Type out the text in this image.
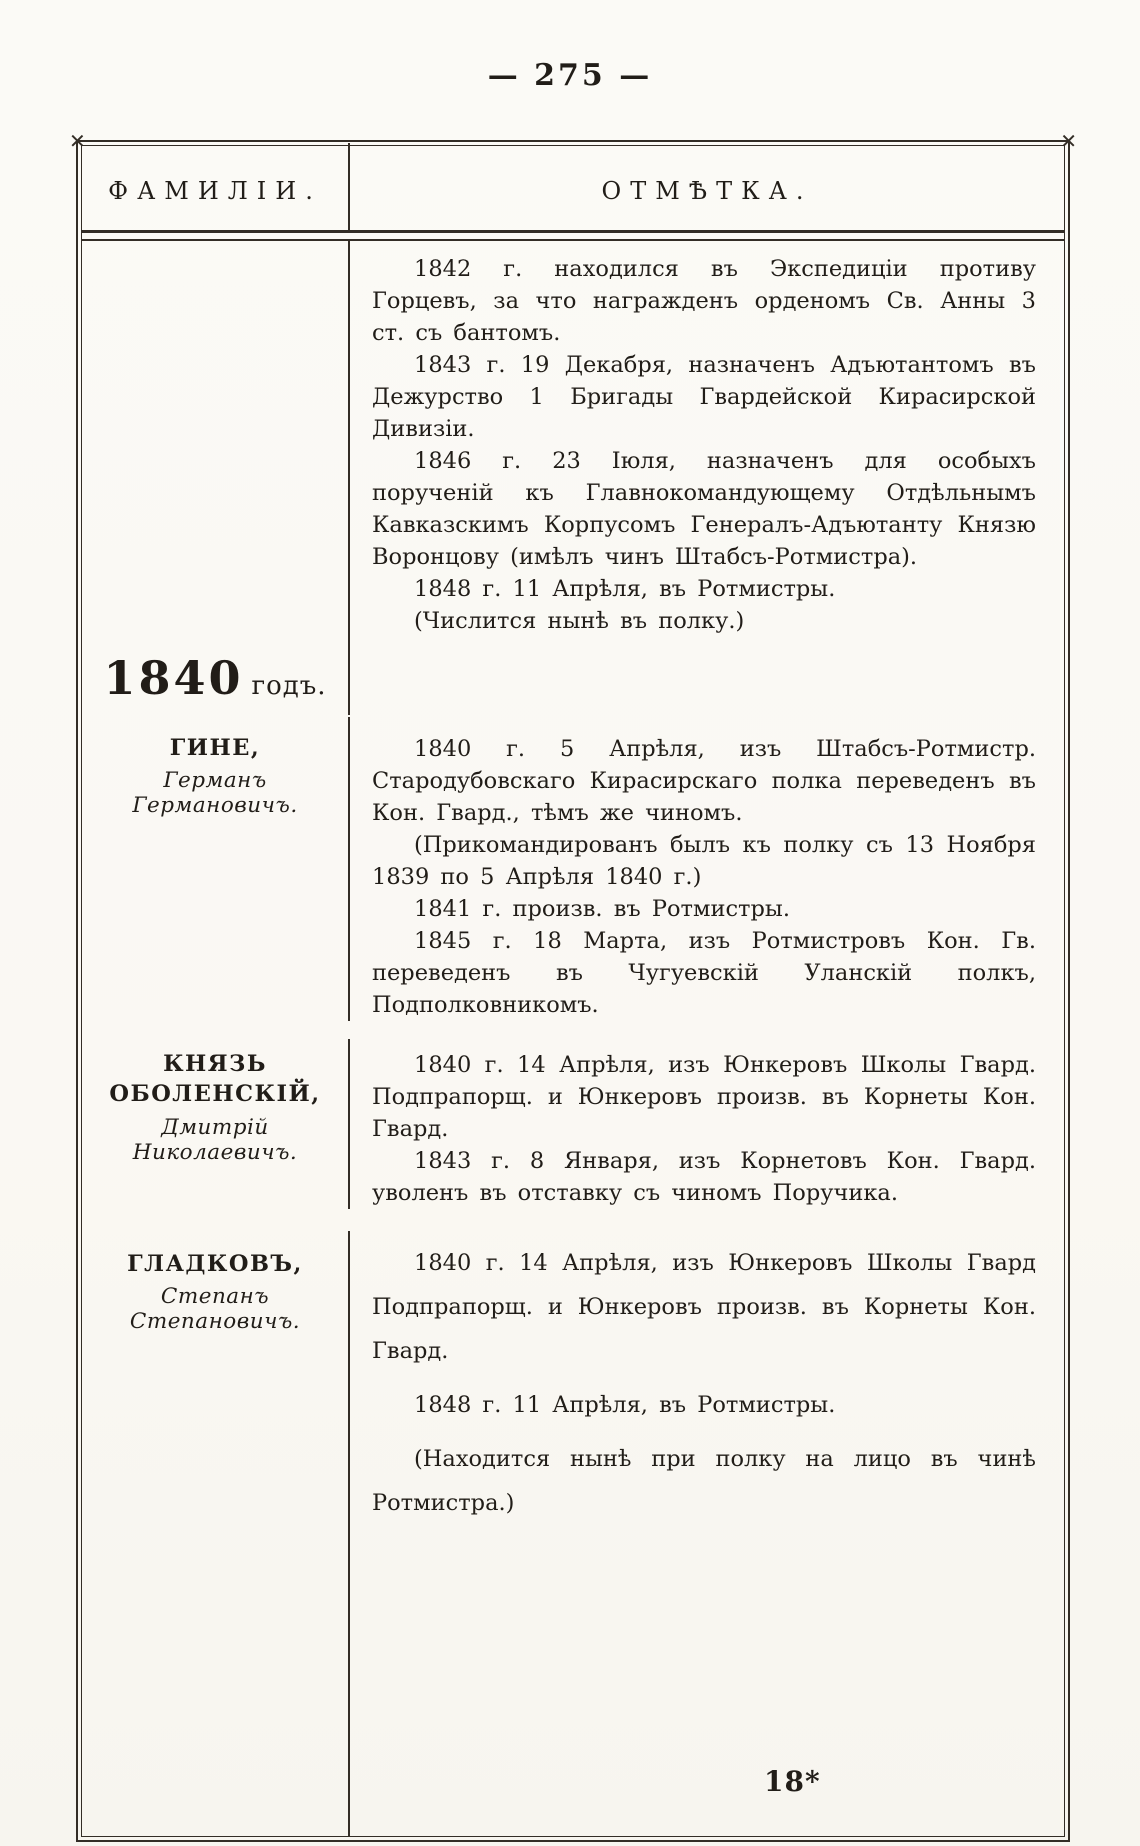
— 275 —
✕	✕
ФАМИЛІИ.	ОТМѢТКА.

1842 г. находился въ Экспедиціи противу Горцевъ, за что награжденъ орденомъ Св. Анны 3 ст. съ бантомъ.

1843 г. 19 Декабря, назначенъ Адъютантомъ въ Дежурство 1 Бригады Гвардейской Кирасирской Дивизіи.

1846 г. 23 Іюля, назначенъ для особыхъ порученій къ Главнокомандующему Отдѣльнымъ Кавказскимъ Корпусомъ Генералъ-Адъютанту Князю Воронцову (имѣлъ чинъ Штабсъ-Ротмистра).

1848 г. 11 Апрѣля, въ Ротмистры.

(Числится нынѣ въ полку.)

1840 годъ.
ГИНЕ,
Германъ Германовичъ.

1840 г. 5 Апрѣля, изъ Штабсъ-Ротмистр. Стародубовскаго Кирасирскаго полка переведенъ въ Кон. Гвард., тѣмъ же чиномъ.

(Прикомандированъ былъ къ полку съ 13 Ноября 1839 по 5 Апрѣля 1840 г.)

1841 г. произв. въ Ротмистры.

1845 г. 18 Марта, изъ Ротмистровъ Кон. Гв. переведенъ въ Чугуевскій Уланскій полкъ, Подполковникомъ.

КНЯЗЬ ОБОЛЕНСКІЙ,
Дмитрій Николаевичъ.

1840 г. 14 Апрѣля, изъ Юнкеровъ Школы Гвард. Подпрапорщ. и Юнкеровъ произв. въ Корнеты Кон. Гвард.

1843 г. 8 Января, изъ Корнетовъ Кон. Гвард. уволенъ въ отставку съ чиномъ Поручика.

ГЛАДКОВЪ,
Степанъ Степановичъ.

1840 г. 14 Апрѣля, изъ Юнкеровъ Школы Гвард Подпрапорщ. и Юнкеровъ произв. въ Корнеты Кон. Гвард.

1848 г. 11 Апрѣля, въ Ротмистры.

(Находится нынѣ при полку на лицо въ чинѣ Ротмистра.)

18*
